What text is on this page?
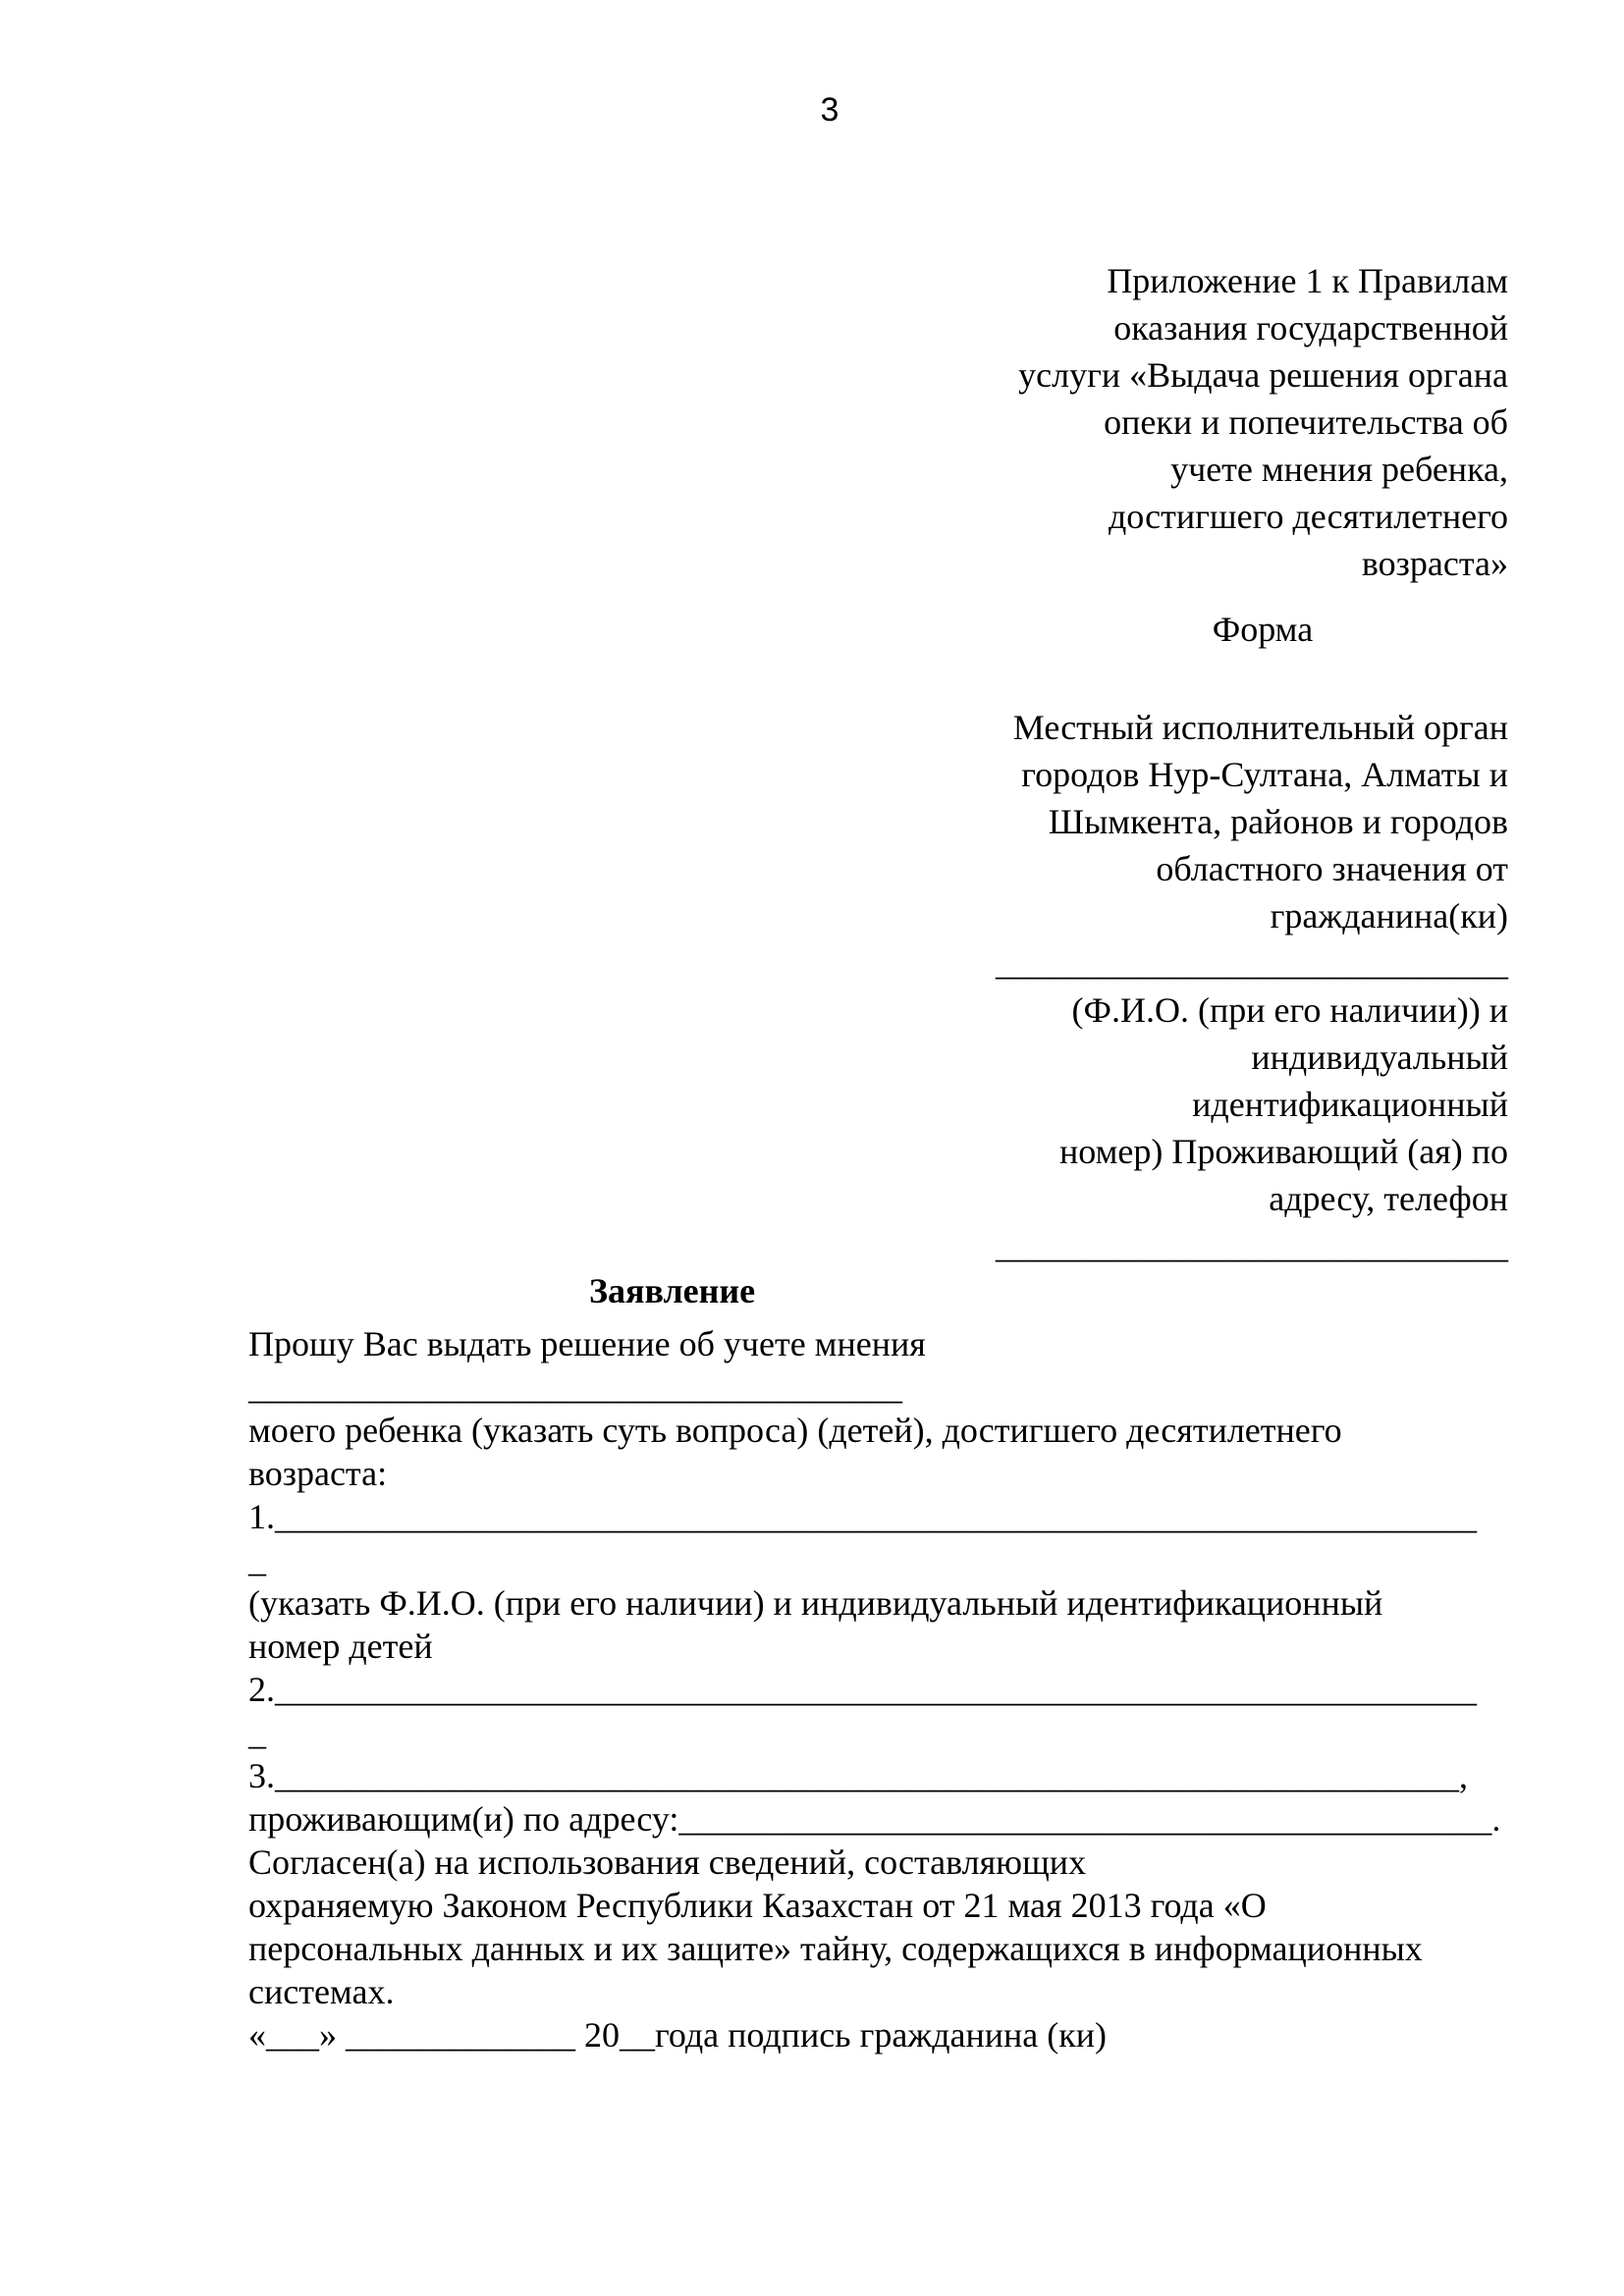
3
Приложение 1 к Правилам
оказания государственной
услуги «Выдача решения органа
опеки и попечительства об
учете мнения ребенка,
достигшего десятилетнего
возраста»
Форма
Местный исполнительный орган
городов Нур-Султана, Алматы и
Шымкента, районов и городов
областного значения от
гражданина(ки)
_____________________________
(Ф.И.О. (при его наличии)) и
индивидуальный
идентификационный
номер) Проживающий (ая) по
адресу, телефон
_____________________________
Заявление
Прошу Вас выдать решение об учете мнения
_____________________________________
моего ребенка (указать суть вопроса) (детей), достигшего десятилетнего
возраста:
1.____________________________________________________________________
_
(указать Ф.И.О. (при его наличии) и индивидуальный идентификационный
номер детей
2.____________________________________________________________________
_
3.___________________________________________________________________,
проживающим(и) по адресу:______________________________________________.
Согласен(а) на использования сведений, составляющих
охраняемую Законом Республики Казахстан от 21 мая 2013 года «О
персональных данных и их защите» тайну, содержащихся в информационных
системах.
«___» _____________ 20__года подпись гражданина (ки)
